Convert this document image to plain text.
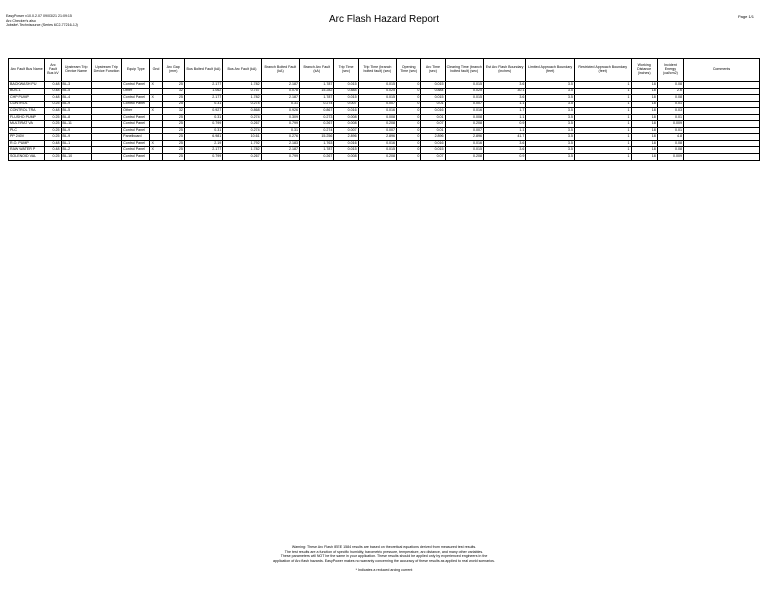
EasyPower v10.0.2.07 09/03/21 21:09:15
Arc Checker's also
Jobsite\ Technisource (Series 6C2-77216-1J)
Arc Flash Hazard Report	Page 1/1
Arc Fault Bus Name	Arc Fault Bus kV	Upstream Trip Device Name	Upstream Trip Device Function	Equip Type	Gnd	Arc Gap (mm)	Bus Bolted Fault (kA)	Bus Arc Fault (kA)	Branch Bolted Fault (kA)	Branch Arc Fault (kA)	Trip Time (sec)	Trip Time (branch bolted fault) (sec)	Opening Time (sec)	Arc Time (sec)	Clearing Time (branch bolted fault) (sec)	Est Arc Flash Boundary (inches)	Limited Approach Boundary (feet)	Restricted Approach Boundary (feet)	Working Distance (inches)	Incident Energy (cal/cm2)	Comments
BACKWASH PU	0.48	BL-3		Control Panel	X	25	2.177	1.782	2.187	1.787	0.015	0.015	0	0.015	0.015	3.6	3.5	1	18	0.08	
BUS-1	0.48	BL-5		Other		32	1.062	0.757	0.078	15.282	0.884	0.025	0	0.884	0.025	30.1	3.5	1	18	2.6	
CHP PUMP	0.48	BL-4		Control Panel	X	25	2.177	1.782	2.187	1.787	0.015	0.015	0	0.015	0.015	3.6	3.5	1	18	0.08	
CONTROL	0.25	BL-9		Control Panel		25	0.31	0.274	0.31	0.274	0.007	0.007	0	0.01	0.007	1.1	3.5	1	18	0.01	
CONTROL TRA	0.48	BL-5		Other	X	32	0.927	0.868	0.926	0.867	0.016	0.016	0	0.016	0.016	1.7	3.5	1	18	0.03	
FLUSHO PUMP	0.25	BL-8		Control Panel		25	0.31	0.274	0.309	0.273	0.008	0.008	0	0.01	0.008	1.1	3.5	1	18	0.01	
MULTIRAT VA	0.25	BL-11		Control Panel		25	0.799	0.267	0.799	0.267	0.008	0.208	0	0.07	0.208	0.9	3.5	1	18	0.009	
PLC	0.25	BL-9		Control Panel		25	0.31	0.274	0.31	0.274	0.007	0.007	0	0.01	0.007	1.1	3.5	1	18	0.01	
PP 240V	0.25	BL-9		Panelboard		25	6.981	10.61	0.276	15.256	2.896	2.896	0	2.896	2.896	41.7	3.5	1	18	4.8	
R.O. PUMP	0.48	BL-1		Control Panel	X	25	2.19	1.792	2.183	1.763	0.016	0.016	0	0.016	0.016	3.6	3.5	1	18	0.08	
RAW WATER P	0.48	BL-2		Control Panel	X	25	2.177	1.782	2.187	1.787	0.015	0.015	0	0.015	0.015	3.6	3.5	1	18	0.08	
SOLENOID VAL	0.25	BL-10		Control Panel		25	0.799	0.267	0.799	0.267	0.008	0.208	0	0.07	0.208	0.9	3.5	1	18	0.009	
Warning: These Arc Flash IEEE 1584 results are based on theoretical equations derived from measured test results.
The test results are a function of specific humidity, barometric pressure, temperature, arc distance, and many other variables.
These parameters will NOT be the same in your application. These results should be applied only by experienced engineers in the
application of Arc flash hazards. EasyPower makes no warranty concerning the accuracy of these results as applied to real world scenarios.
* Indicates a reduced arcing current
